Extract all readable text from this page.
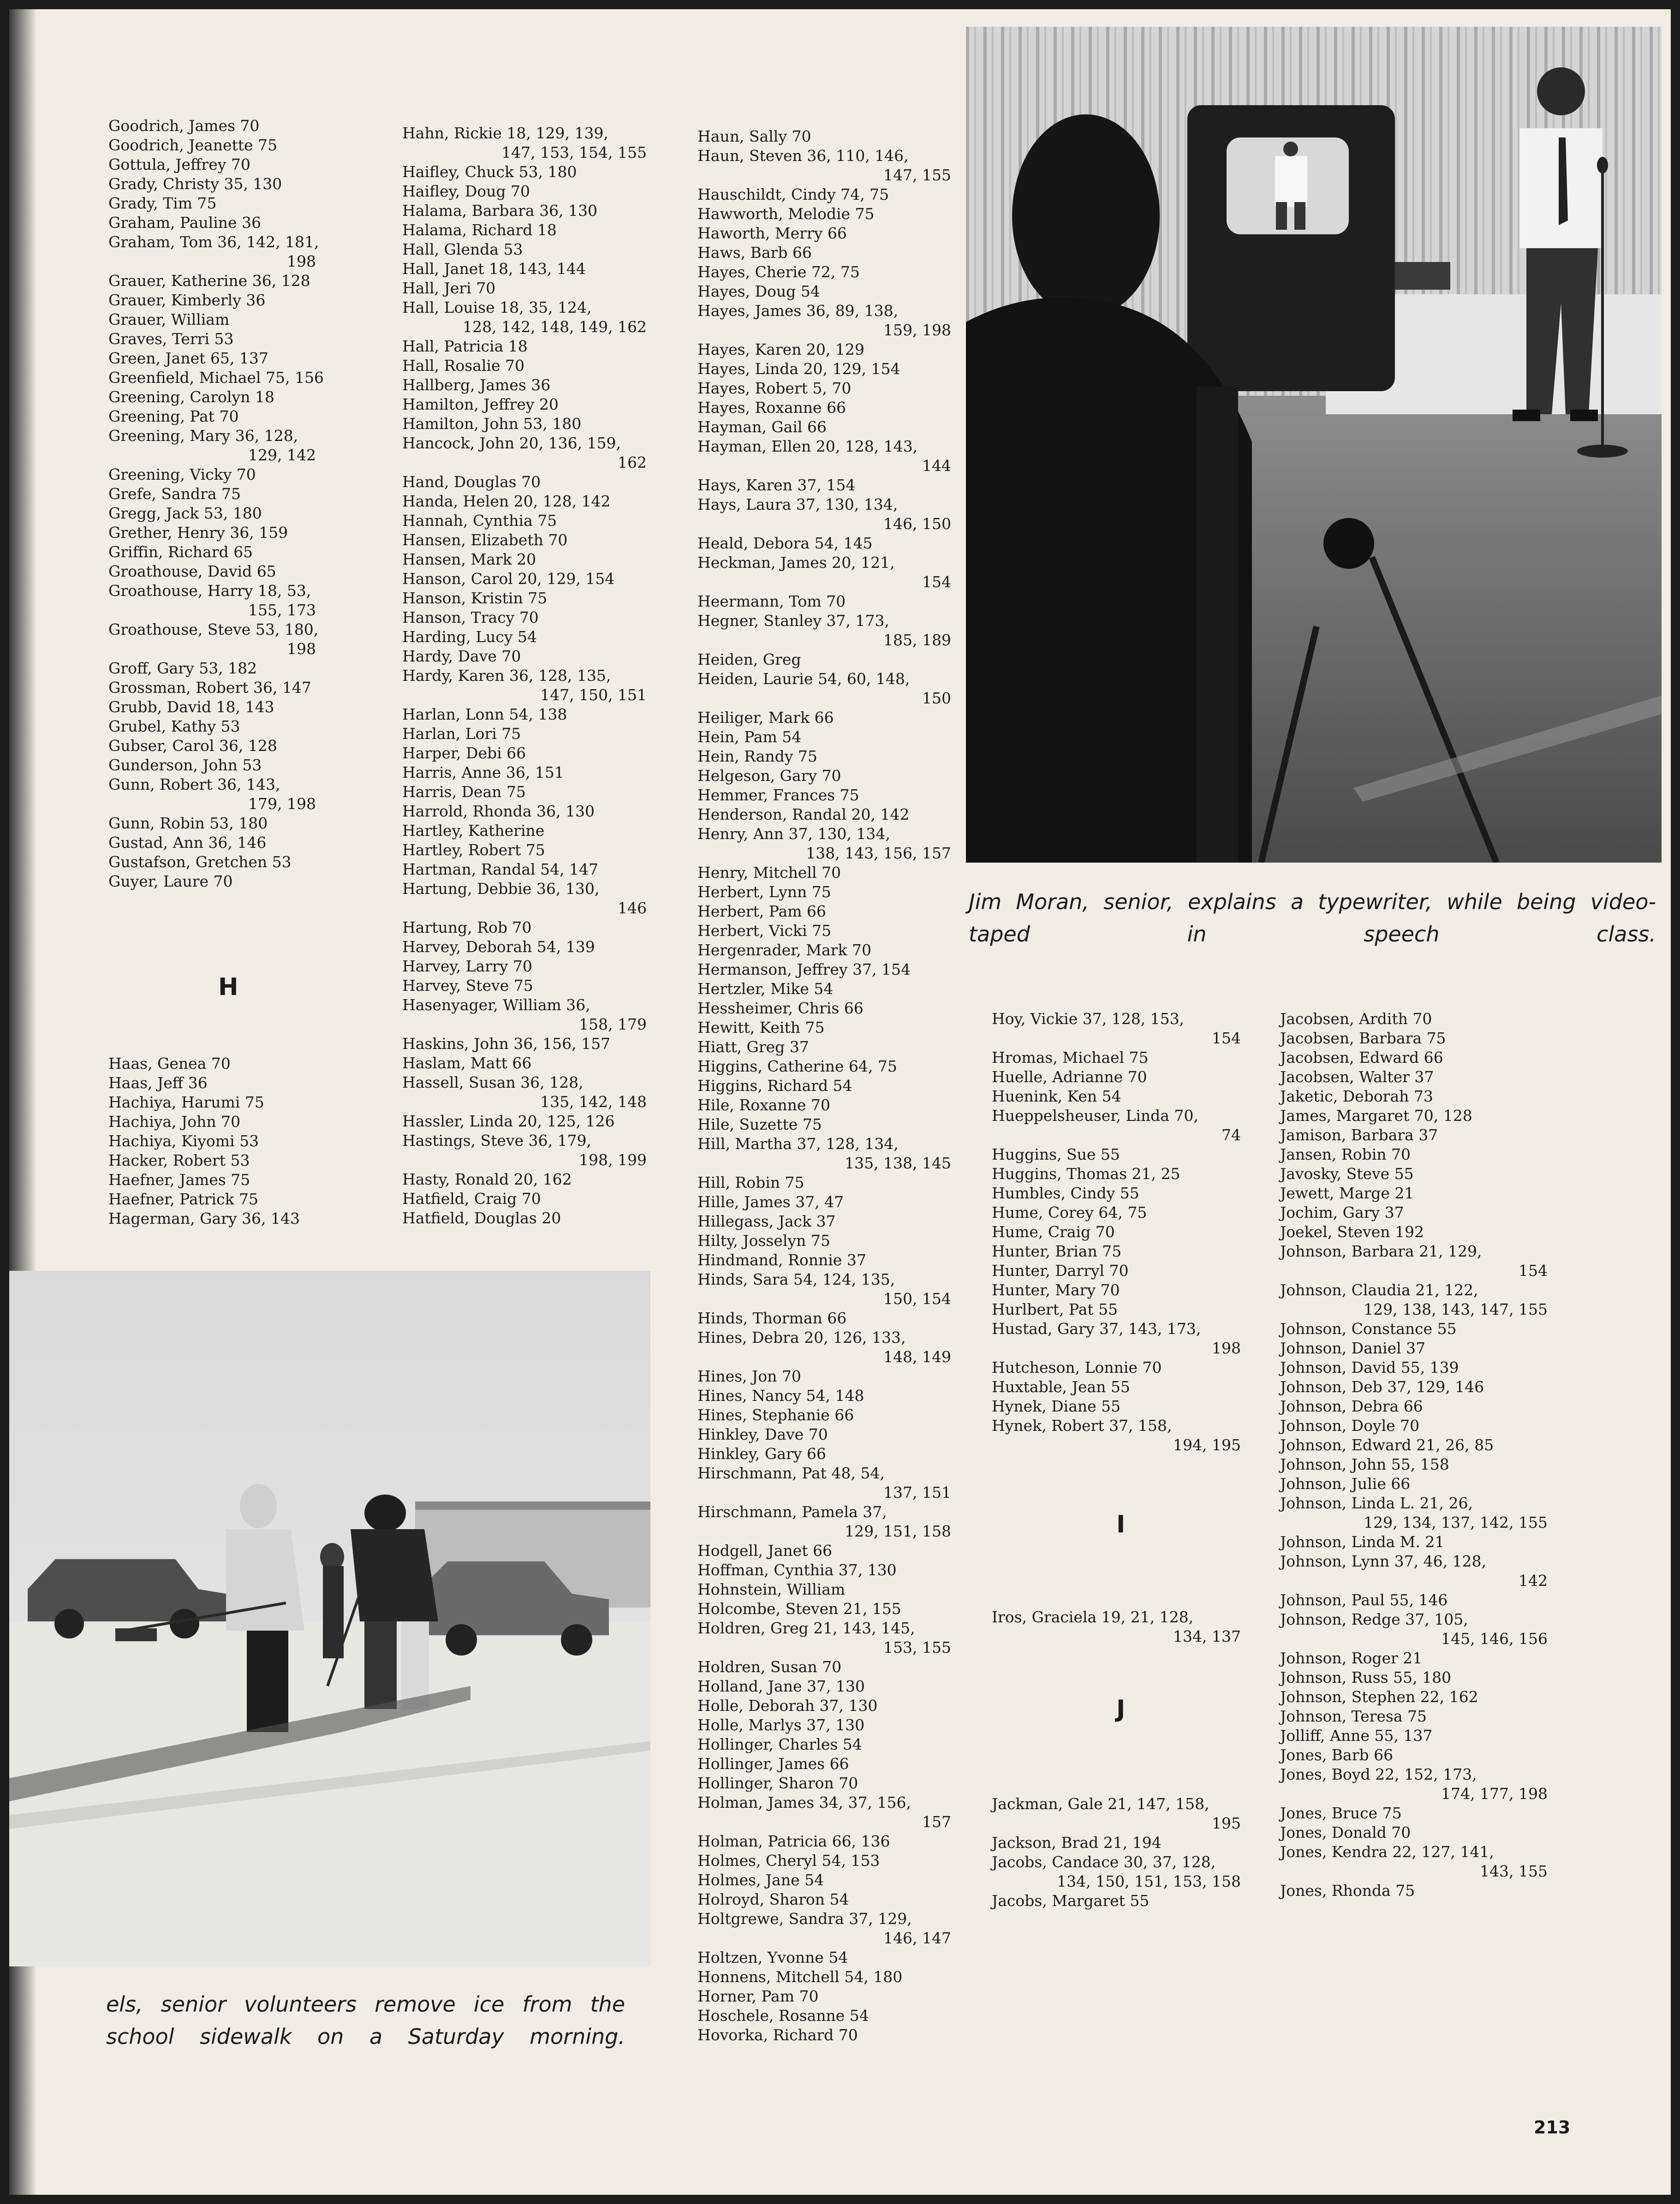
Goodrich, James 70
Goodrich, Jeanette 75
Gottula, Jeffrey 70
Grady, Christy 35, 130
Grady, Tim 75
Graham, Pauline 36
Graham, Tom 36, 142, 181,
198
Grauer, Katherine 36, 128
Grauer, Kimberly 36
Grauer, William
Graves, Terri 53
Green, Janet 65, 137
Greenfield, Michael 75, 156
Greening, Carolyn 18
Greening, Pat 70
Greening, Mary 36, 128,
129, 142
Greening, Vicky 70
Grefe, Sandra 75
Gregg, Jack 53, 180
Grether, Henry 36, 159
Griffin, Richard 65
Groathouse, David 65
Groathouse, Harry 18, 53,
155, 173
Groathouse, Steve 53, 180,
198
Groff, Gary 53, 182
Grossman, Robert 36, 147
Grubb, David 18, 143
Grubel, Kathy 53
Gubser, Carol 36, 128
Gunderson, John 53
Gunn, Robert 36, 143,
179, 198
Gunn, Robin 53, 180
Gustad, Ann 36, 146
Gustafson, Gretchen 53
Guyer, Laure 70
H
Haas, Genea 70
Haas, Jeff 36
Hachiya, Harumi 75
Hachiya, John 70
Hachiya, Kiyomi 53
Hacker, Robert 53
Haefner, James 75
Haefner, Patrick 75
Hagerman, Gary 36, 143
Hahn, Rickie 18, 129, 139,
147, 153, 154, 155
Haifley, Chuck 53, 180
Haifley, Doug 70
Halama, Barbara 36, 130
Halama, Richard 18
Hall, Glenda 53
Hall, Janet 18, 143, 144
Hall, Jeri 70
Hall, Louise 18, 35, 124,
128, 142, 148, 149, 162
Hall, Patricia 18
Hall, Rosalie 70
Hallberg, James 36
Hamilton, Jeffrey 20
Hamilton, John 53, 180
Hancock, John 20, 136, 159,
162
Hand, Douglas 70
Handa, Helen 20, 128, 142
Hannah, Cynthia 75
Hansen, Elizabeth 70
Hansen, Mark 20
Hanson, Carol 20, 129, 154
Hanson, Kristin 75
Hanson, Tracy 70
Harding, Lucy 54
Hardy, Dave 70
Hardy, Karen 36, 128, 135,
147, 150, 151
Harlan, Lonn 54, 138
Harlan, Lori 75
Harper, Debi 66
Harris, Anne 36, 151
Harris, Dean 75
Harrold, Rhonda 36, 130
Hartley, Katherine
Hartley, Robert 75
Hartman, Randal 54, 147
Hartung, Debbie 36, 130,
146
Hartung, Rob 70
Harvey, Deborah 54, 139
Harvey, Larry 70
Harvey, Steve 75
Hasenyager, William 36,
158, 179
Haskins, John 36, 156, 157
Haslam, Matt 66
Hassell, Susan 36, 128,
135, 142, 148
Hassler, Linda 20, 125, 126
Hastings, Steve 36, 179,
198, 199
Hasty, Ronald 20, 162
Hatfield, Craig 70
Hatfield, Douglas 20
Haun, Sally 70
Haun, Steven 36, 110, 146,
147, 155
Hauschildt, Cindy 74, 75
Hawworth, Melodie 75
Haworth, Merry 66
Haws, Barb 66
Hayes, Cherie 72, 75
Hayes, Doug 54
Hayes, James 36, 89, 138,
159, 198
Hayes, Karen 20, 129
Hayes, Linda 20, 129, 154
Hayes, Robert 5, 70
Hayes, Roxanne 66
Hayman, Gail 66
Hayman, Ellen 20, 128, 143,
144
Hays, Karen 37, 154
Hays, Laura 37, 130, 134,
146, 150
Heald, Debora 54, 145
Heckman, James 20, 121,
154
Heermann, Tom 70
Hegner, Stanley 37, 173,
185, 189
Heiden, Greg
Heiden, Laurie 54, 60, 148,
150
Heiliger, Mark 66
Hein, Pam 54
Hein, Randy 75
Helgeson, Gary 70
Hemmer, Frances 75
Henderson, Randal 20, 142
Henry, Ann 37, 130, 134,
138, 143, 156, 157
Henry, Mitchell 70
Herbert, Lynn 75
Herbert, Pam 66
Herbert, Vicki 75
Hergenrader, Mark 70
Hermanson, Jeffrey 37, 154
Hertzler, Mike 54
Hessheimer, Chris 66
Hewitt, Keith 75
Hiatt, Greg 37
Higgins, Catherine 64, 75
Higgins, Richard 54
Hile, Roxanne 70
Hile, Suzette 75
Hill, Martha 37, 128, 134,
135, 138, 145
Hill, Robin 75
Hille, James 37, 47
Hillegass, Jack 37
Hilty, Josselyn 75
Hindmand, Ronnie 37
Hinds, Sara 54, 124, 135,
150, 154
Hinds, Thorman 66
Hines, Debra 20, 126, 133,
148, 149
Hines, Jon 70
Hines, Nancy 54, 148
Hines, Stephanie 66
Hinkley, Dave 70
Hinkley, Gary 66
Hirschmann, Pat 48, 54,
137, 151
Hirschmann, Pamela 37,
129, 151, 158
Hodgell, Janet 66
Hoffman, Cynthia 37, 130
Hohnstein, William
Holcombe, Steven 21, 155
Holdren, Greg 21, 143, 145,
153, 155
Holdren, Susan 70
Holland, Jane 37, 130
Holle, Deborah 37, 130
Holle, Marlys 37, 130
Hollinger, Charles 54
Hollinger, James 66
Hollinger, Sharon 70
Holman, James 34, 37, 156,
157
Holman, Patricia 66, 136
Holmes, Cheryl 54, 153
Holmes, Jane 54
Holroyd, Sharon 54
Holtgrewe, Sandra 37, 129,
146, 147
Holtzen, Yvonne 54
Honnens, Mitchell 54, 180
Horner, Pam 70
Hoschele, Rosanne 54
Hovorka, Richard 70
Jim Moran, senior, explains a typewriter, while being video-taped in speech class.
Hoy, Vickie 37, 128, 153,
154
Hromas, Michael 75
Huelle, Adrianne 70
Huenink, Ken 54
Hueppelsheuser, Linda 70,
74
Huggins, Sue 55
Huggins, Thomas 21, 25
Humbles, Cindy 55
Hume, Corey 64, 75
Hume, Craig 70
Hunter, Brian 75
Hunter, Darryl 70
Hunter, Mary 70
Hurlbert, Pat 55
Hustad, Gary 37, 143, 173,
198
Hutcheson, Lonnie 70
Huxtable, Jean 55
Hynek, Diane 55
Hynek, Robert 37, 158,
194, 195
I
Iros, Graciela 19, 21, 128,
134, 137
J
Jackman, Gale 21, 147, 158,
195
Jackson, Brad 21, 194
Jacobs, Candace 30, 37, 128,
134, 150, 151, 153, 158
Jacobs, Margaret 55
Jacobsen, Ardith 70
Jacobsen, Barbara 75
Jacobsen, Edward 66
Jacobsen, Walter 37
Jaketic, Deborah 73
James, Margaret 70, 128
Jamison, Barbara 37
Jansen, Robin 70
Javosky, Steve 55
Jewett, Marge 21
Jochim, Gary 37
Joekel, Steven 192
Johnson, Barbara 21, 129,
154
Johnson, Claudia 21, 122,
129, 138, 143, 147, 155
Johnson, Constance 55
Johnson, Daniel 37
Johnson, David 55, 139
Johnson, Deb 37, 129, 146
Johnson, Debra 66
Johnson, Doyle 70
Johnson, Edward 21, 26, 85
Johnson, John 55, 158
Johnson, Julie 66
Johnson, Linda L. 21, 26,
129, 134, 137, 142, 155
Johnson, Linda M. 21
Johnson, Lynn 37, 46, 128,
142
Johnson, Paul 55, 146
Johnson, Redge 37, 105,
145, 146, 156
Johnson, Roger 21
Johnson, Russ 55, 180
Johnson, Stephen 22, 162
Johnson, Teresa 75
Jolliff, Anne 55, 137
Jones, Barb 66
Jones, Boyd 22, 152, 173,
174, 177, 198
Jones, Bruce 75
Jones, Donald 70
Jones, Kendra 22, 127, 141,
143, 155
Jones, Rhonda 75
els, senior volunteers remove ice from the school sidewalk on a Saturday morning.
213
